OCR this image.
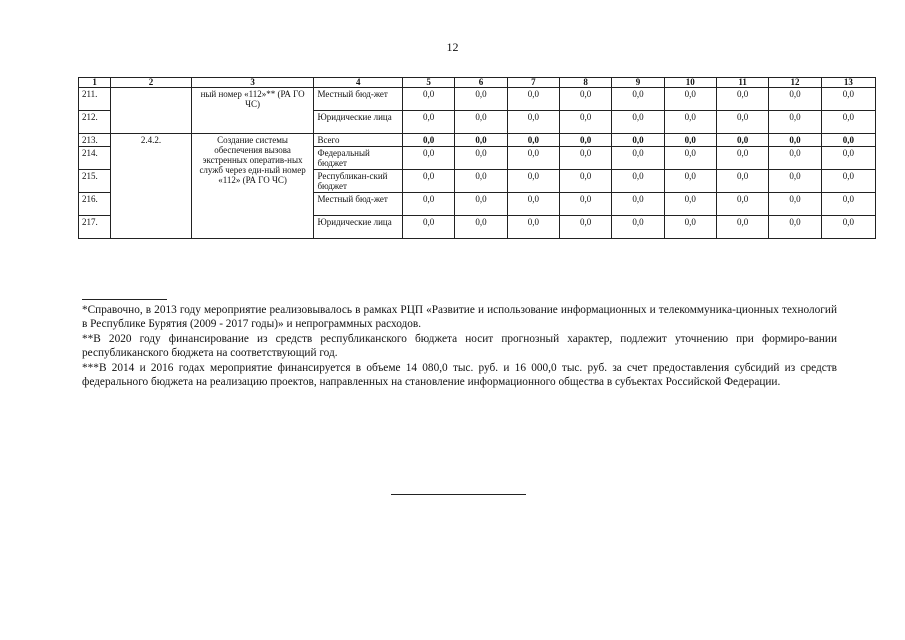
12
1	2	3	4	5	6	7	8	9	10	11	12	13
211.		ный номер «112»** (РА ГО ЧС)	Местный бюд-жет	0,0	0,0	0,0	0,0	0,0	0,0	0,0	0,0	0,0
212.			Юридические лица	0,0	0,0	0,0	0,0	0,0	0,0	0,0	0,0	0,0
213.	2.4.2.	Создание системы обеспечения вызова экстренных оператив-ных служб через еди-ный номер «112» (РА ГО ЧС)	Всего	0,0	0,0	0,0	0,0	0,0	0,0	0,0	0,0	0,0
214.			Федеральный бюджет	0,0	0,0	0,0	0,0	0,0	0,0	0,0	0,0	0,0
215.			Республикан-ский бюджет	0,0	0,0	0,0	0,0	0,0	0,0	0,0	0,0	0,0
216.			Местный бюд-жет	0,0	0,0	0,0	0,0	0,0	0,0	0,0	0,0	0,0
217.			Юридические лица	0,0	0,0	0,0	0,0	0,0	0,0	0,0	0,0	0,0

*Справочно, в 2013 году мероприятие реализовывалось в рамках РЦП «Развитие и использование информационных и телекоммуника-ционных технологий в Республике Бурятия (2009 - 2017 годы)» и непрограммных расходов.

**В 2020 году финансирование из средств республиканского бюджета носит прогнозный характер, подлежит уточнению при формиро-вании республиканского бюджета на соответствующий год.

***В 2014 и 2016 годах мероприятие финансируется в объеме 14 080,0 тыс. руб. и 16 000,0 тыс. руб. за счет предоставления субсидий из средств федерального бюджета на реализацию проектов, направленных на становление информационного общества в субъектах Российской Федерации.
